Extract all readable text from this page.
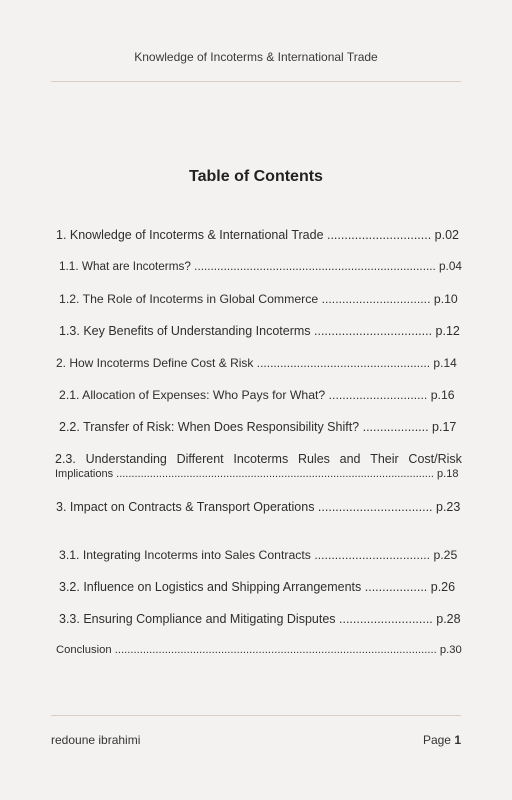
Knowledge of Incoterms & International Trade
Table of Contents
1. Knowledge of Incoterms & International Trade .............................. p.02
1.1. What are Incoterms? .......................................................................... p.04
1.2. The Role of Incoterms in Global Commerce ................................ p.10
1.3. Key Benefits of Understanding Incoterms .................................. p.12
2. How Incoterms Define Cost & Risk .................................................... p.14
2.1. Allocation of Expenses: Who Pays for What? ............................. p.16
2.2. Transfer of Risk: When Does Responsibility Shift? ................... p.17
2.3. Understanding Different Incoterms Rules and Their Cost/Risk
Implications ........................................................................................................ p.18
3. Impact on Contracts & Transport Operations ................................. p.23
3.1. Integrating Incoterms into Sales Contracts .................................. p.25
3.2. Influence on Logistics and Shipping Arrangements .................. p.26
3.3. Ensuring Compliance and Mitigating Disputes ........................... p.28
Conclusion ....................................................................................................... p.30
redoune ibrahimi	Page 1
